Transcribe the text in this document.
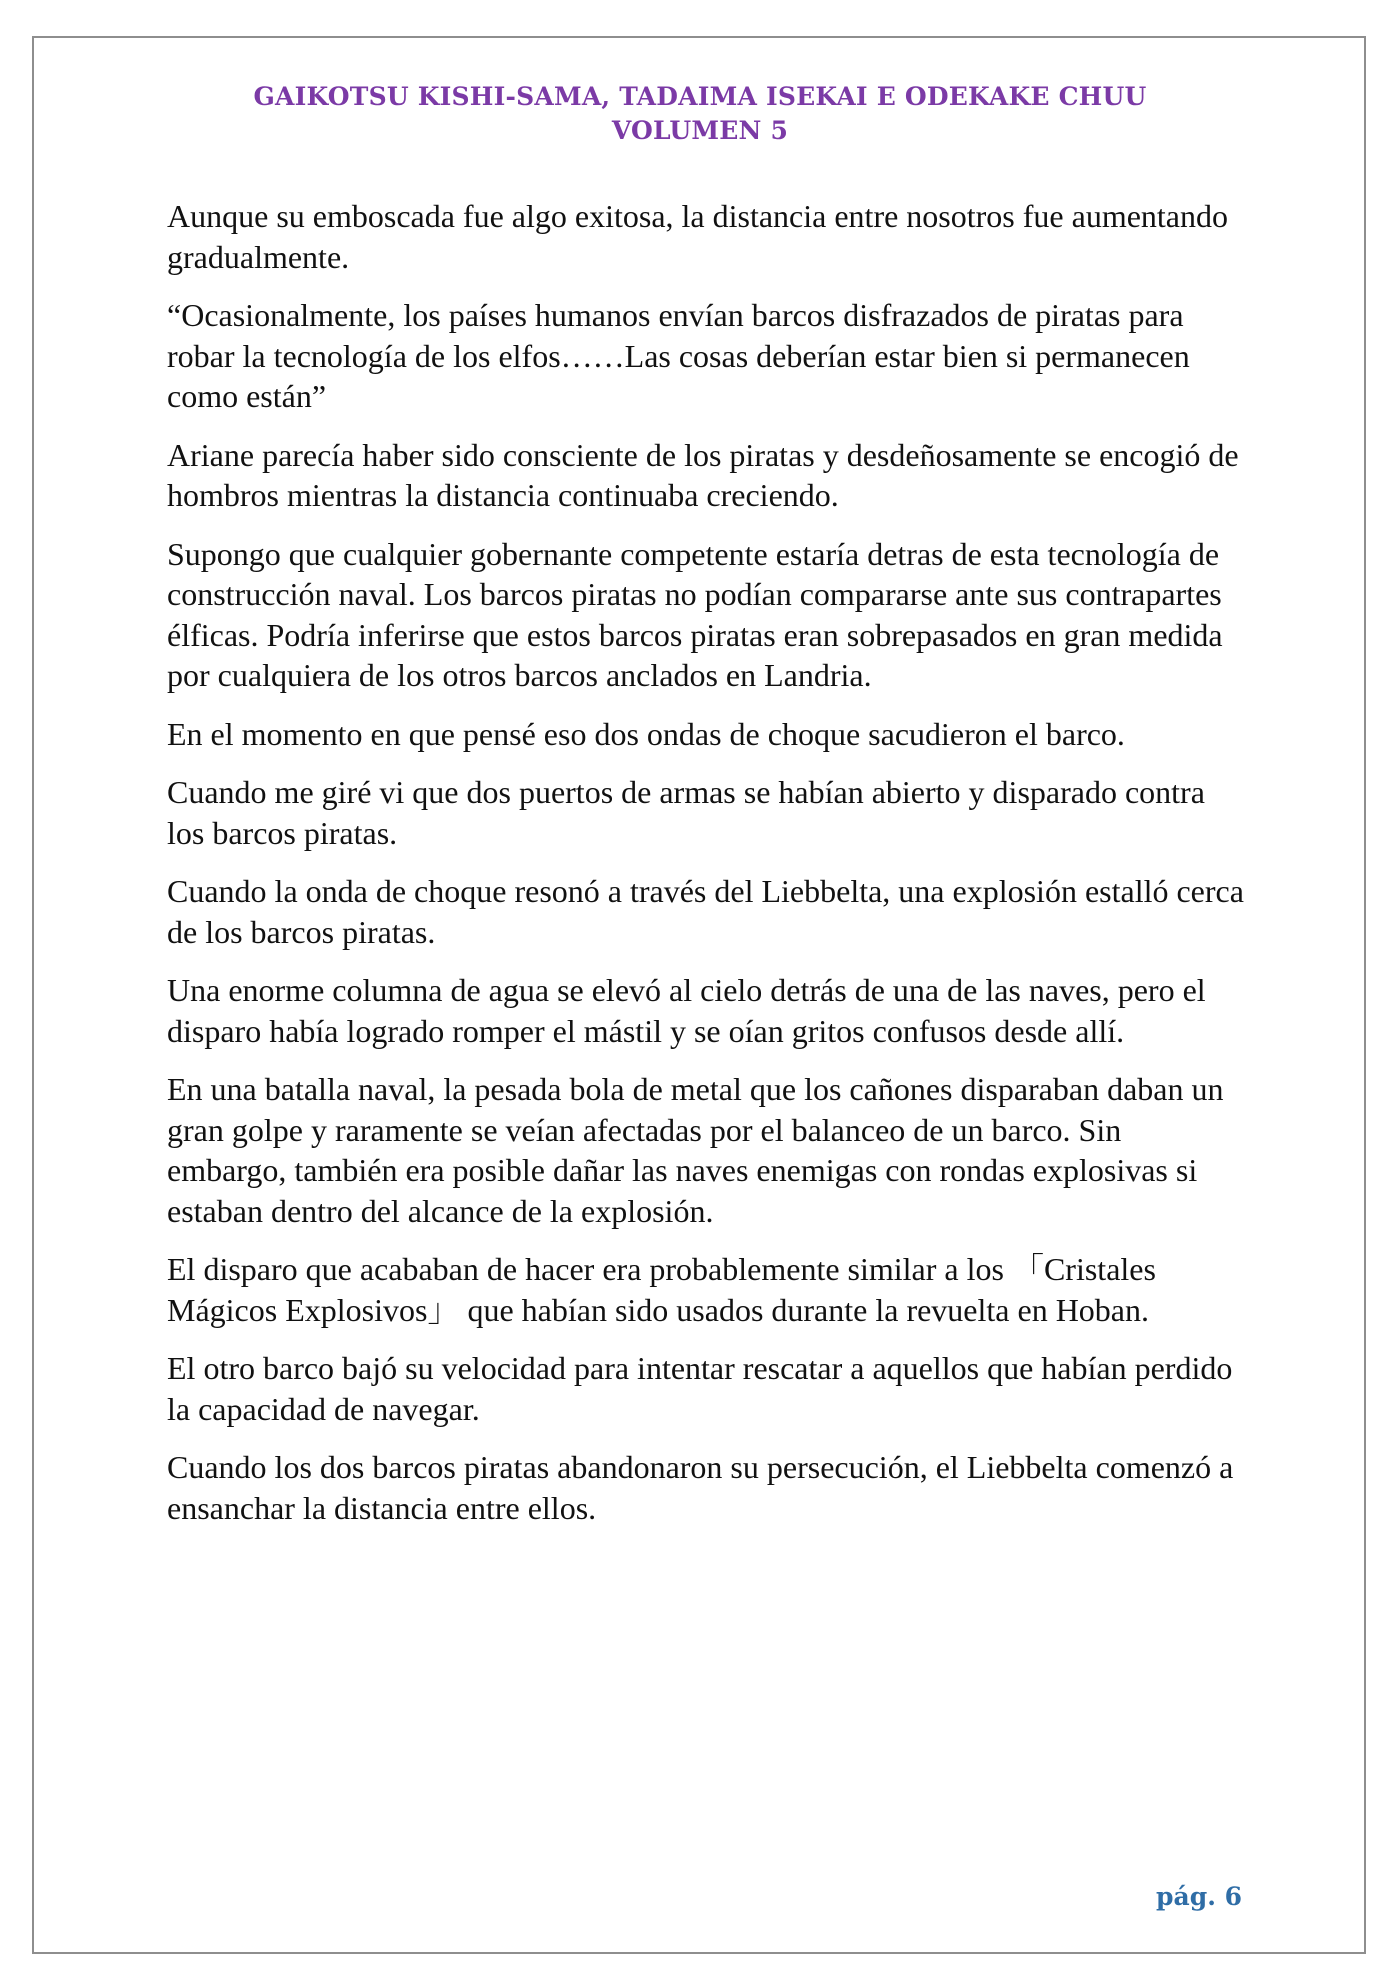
GAIKOTSU KISHI-SAMA, TADAIMA ISEKAI E ODEKAKE CHUU
VOLUMEN 5

Aunque su emboscada fue algo exitosa, la distancia entre nosotros fue aumentando gradualmente.

“Ocasionalmente, los países humanos envían barcos disfrazados de piratas para robar la tecnología de los elfos……Las cosas deberían estar bien si permanecen como están”

Ariane parecía haber sido consciente de los piratas y desdeñosamente se encogió de hombros mientras la distancia continuaba creciendo.

Supongo que cualquier gobernante competente estaría detras de esta tecnología de construcción naval. Los barcos piratas no podían compararse ante sus contrapartes élficas. Podría inferirse que estos barcos piratas eran sobrepasados en gran medida por cualquiera de los otros barcos anclados en Landria.

En el momento en que pensé eso dos ondas de choque sacudieron el barco.

Cuando me giré vi que dos puertos de armas se habían abierto y disparado contra los barcos piratas.

Cuando la onda de choque resonó a través del Liebbelta, una explosión estalló cerca de los barcos piratas.

Una enorme columna de agua se elevó al cielo detrás de una de las naves, pero el disparo había logrado romper el mástil y se oían gritos confusos desde allí.

En una batalla naval, la pesada bola de metal que los cañones disparaban daban un gran golpe y raramente se veían afectadas por el balanceo de un barco. Sin embargo, también era posible dañar las naves enemigas con rondas explosivas si estaban dentro del alcance de la explosión.

El disparo que acababan de hacer era probablemente similar a los 「Cristales Mágicos Explosivos」 que habían sido usados durante la revuelta en Hoban.

El otro barco bajó su velocidad para intentar rescatar a aquellos que habían perdido la capacidad de navegar.

Cuando los dos barcos piratas abandonaron su persecución, el Liebbelta comenzó a ensanchar la distancia entre ellos.

pág. 6
